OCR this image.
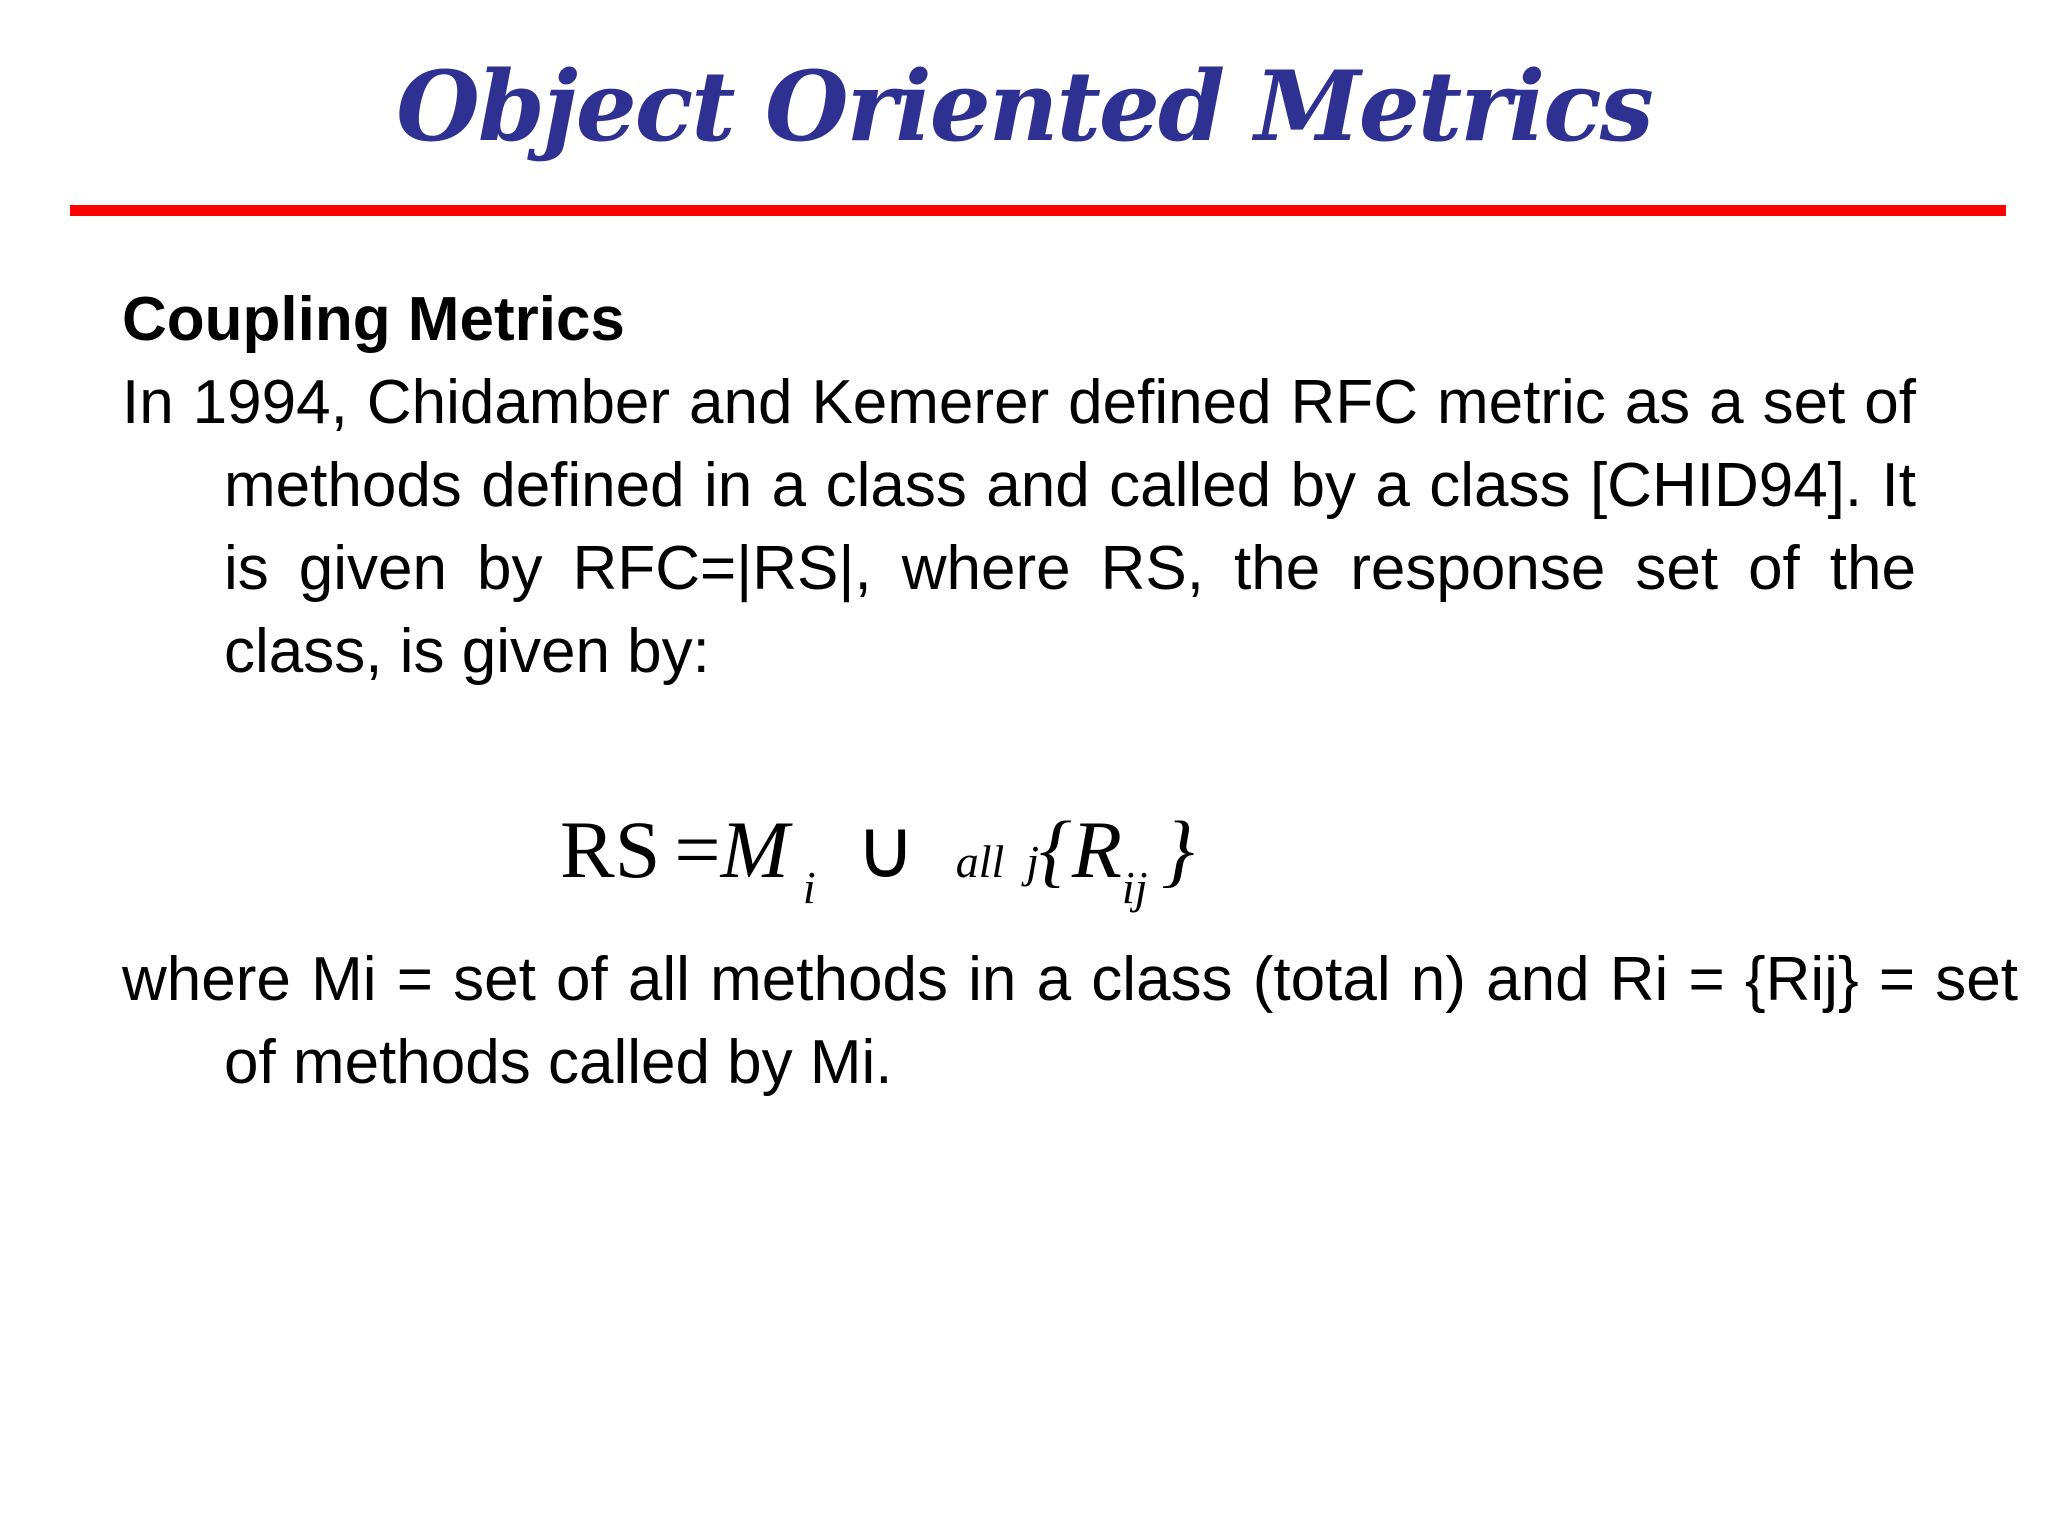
Object Oriented Metrics

Coupling Metrics

In 1994, Chidamber and Kemerer defined RFC metric as a set of methods defined in a class and called by a class [CHID94]. It is given by RFC=|RS|, where RS, the response set of the class, is given by:

RS =M $_i$ ∪ all $j\{R_{ij}$ }

where Mi = set of all methods in a class (total n) and Ri = {Rij} = set of methods called by Mi.
